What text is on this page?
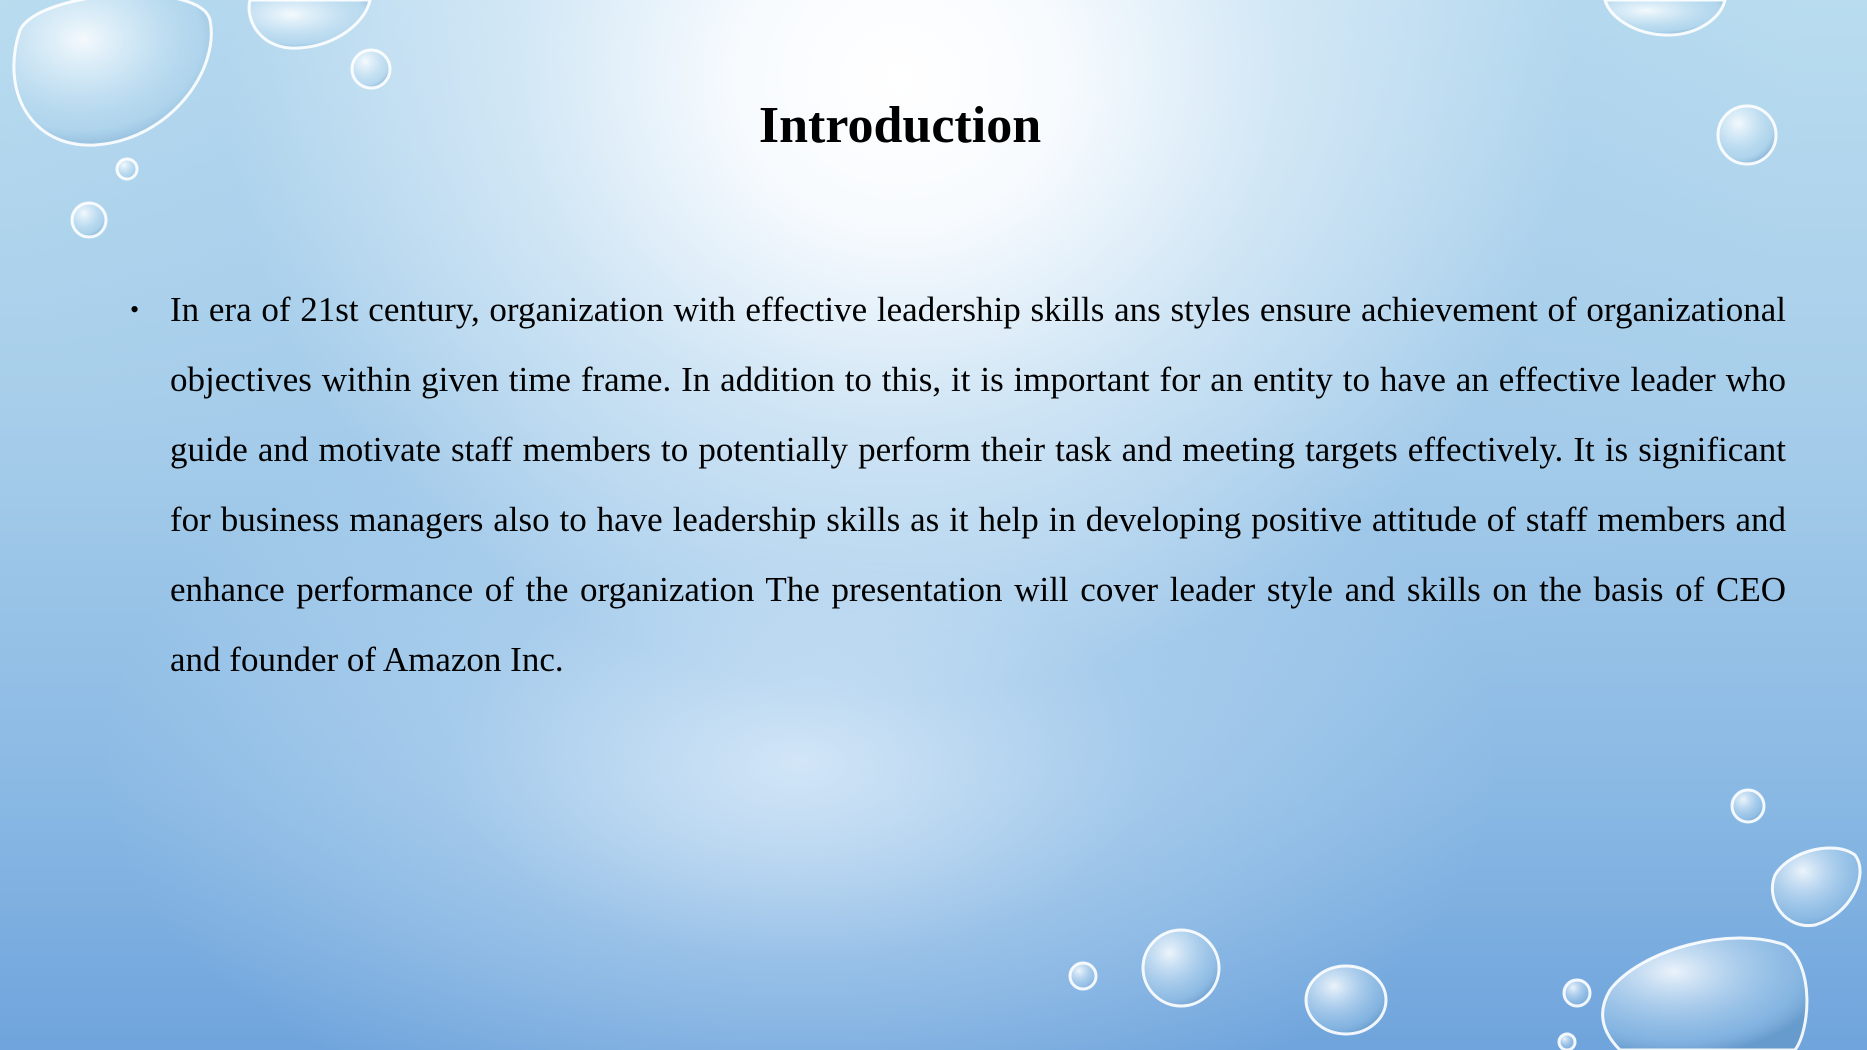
Introduction
• In era of 21st century, organization with effective leadership skills ans styles ensure achievement of organizational objectives within given time frame. In addition to this, it is important for an entity to have an effective leader who guide and motivate staff members to potentially perform their task and meeting targets effectively. It is significant for business managers also to have leadership skills as it help in developing positive attitude of staff members and enhance performance of the organization The presentation will cover leader style and skills on the basis of CEO and founder of Amazon Inc.
